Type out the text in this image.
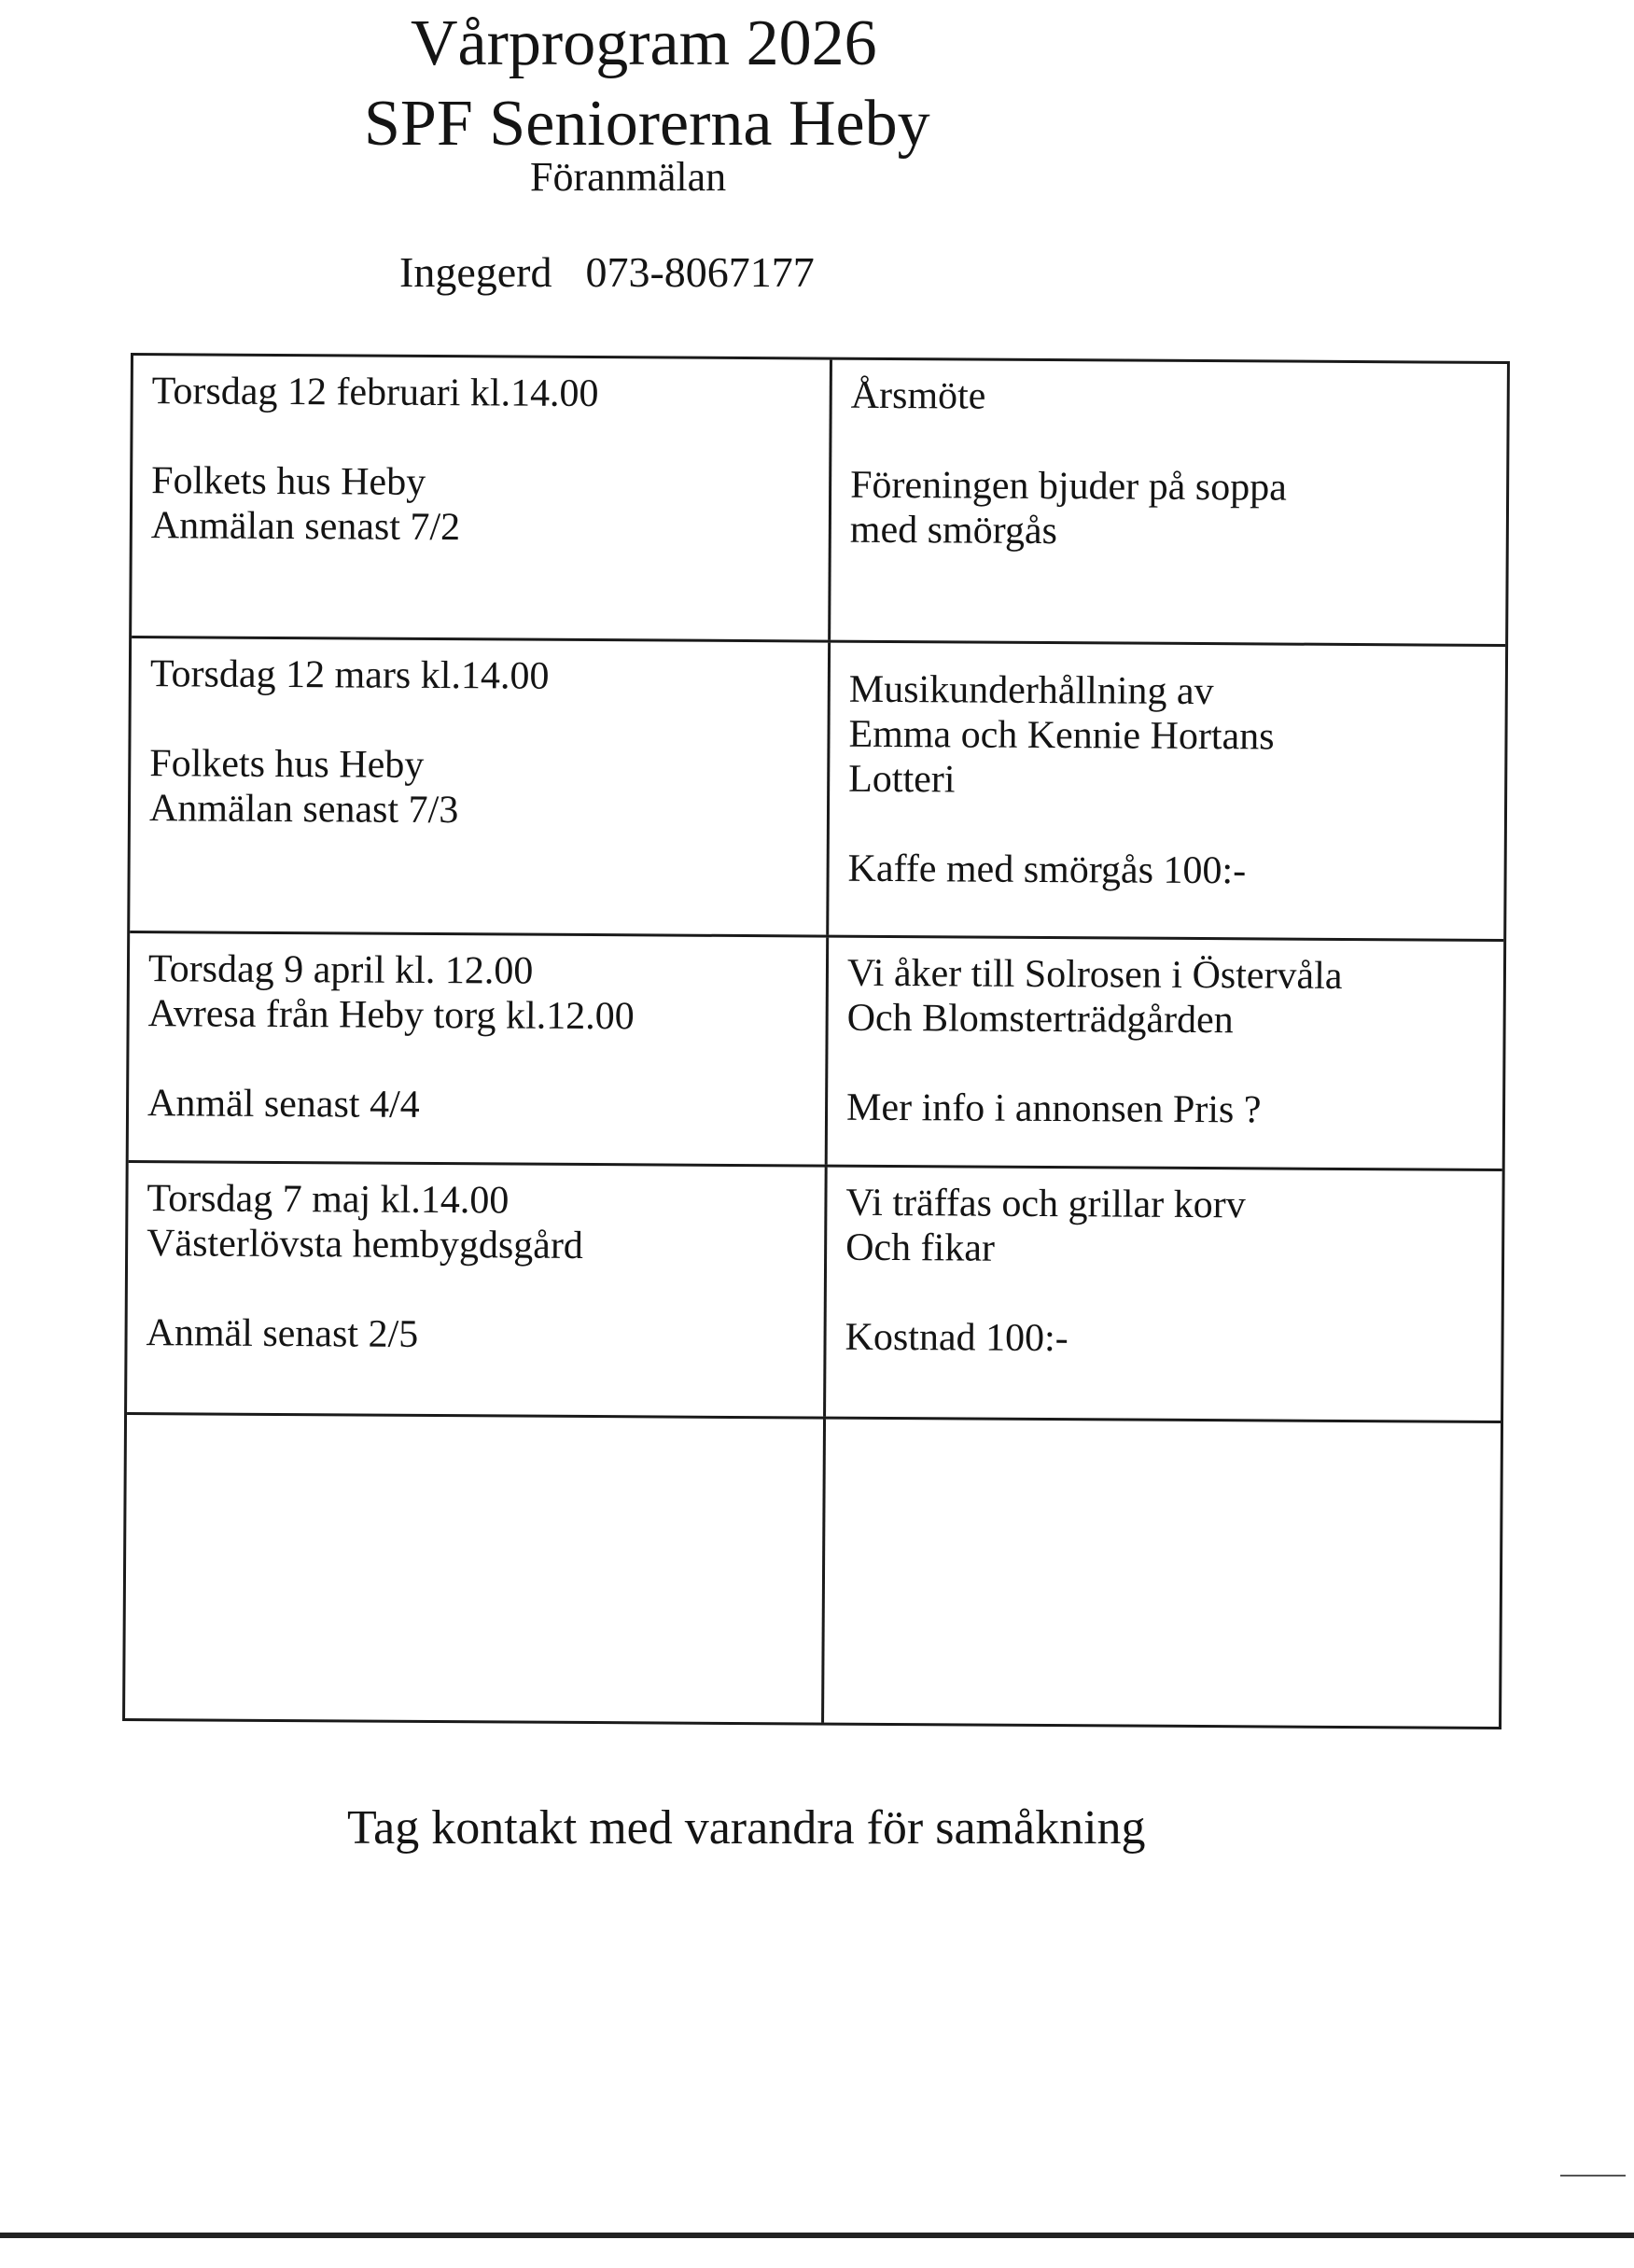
Vårprogram 2026
SPF Seniorerna Heby
Föranmälan
Ingegerd 073-8067177
Torsdag 12 februari kl.14.00
Folkets hus Heby
Anmälan senast 7/2
Årsmöte
Föreningen bjuder på soppa
med smörgås
Torsdag 12 mars kl.14.00
Folkets hus Heby
Anmälan senast 7/3
Musikunderhållning av
Emma och Kennie Hortans
Lotteri
Kaffe med smörgås 100:-
Torsdag 9 april kl. 12.00
Avresa från Heby torg kl.12.00
Anmäl senast 4/4
Vi åker till Solrosen i Östervåla
Och Blomsterträdgården
Mer info i annonsen Pris ?
Torsdag 7 maj kl.14.00
Västerlövsta hembygdsgård
Anmäl senast 2/5
Vi träffas och grillar korv
Och fikar
Kostnad 100:-
Tag kontakt med varandra för samåkning
